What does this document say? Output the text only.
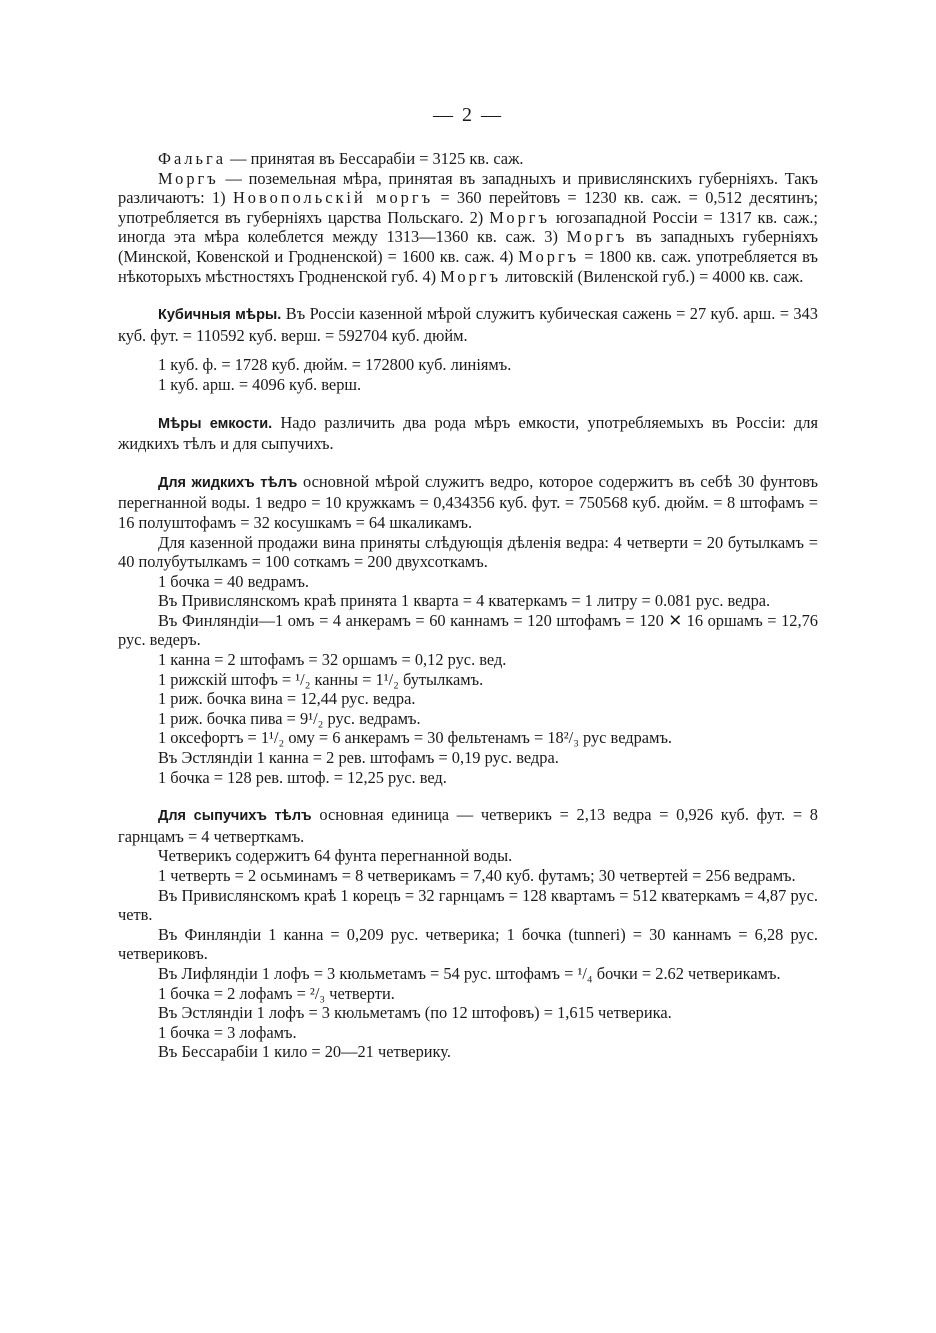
— 2 —

Фальга — принятая въ Бессарабіи = 3125 кв. саж.

Моргъ — поземельная мѣра, принятая въ западныхъ и привислянскихъ губерніяхъ. Такъ различаютъ: 1) Новопольскій моргъ = 360 перейтовъ = 1230 кв. саж. = 0,512 десятинъ; употребляется въ губерніяхъ царства Польскаго. 2) Моргъ югозападной Россіи = 1317 кв. саж.; иногда эта мѣра колеблется между 1313—1360 кв. саж. 3) Моргъ въ западныхъ губерніяхъ (Минской, Ковенской и Гродненской) = 1600 кв. саж. 4) Моргъ = 1800 кв. саж. употребляется въ нѣкоторыхъ мѣстностяхъ Гродненской губ. 4) Моргъ литовскій (Виленской губ.) = 4000 кв. саж.

Кубичныя мѣры. Въ Россіи казенной мѣрой служитъ кубическая сажень = 27 куб. арш. = 343 куб. фут. = 110592 куб. верш. = 592704 куб. дюйм.

1 куб. ф. = 1728 куб. дюйм. = 172800 куб. линіямъ.

1 куб. арш. = 4096 куб. верш.

Мѣры емкости. Надо различить два рода мѣръ емкости, употребляемыхъ въ Россіи: для жидкихъ тѣлъ и для сыпучихъ.

Для жидкихъ тѣлъ основной мѣрой служитъ ведро, которое содержитъ въ себѣ 30 фунтовъ перегнанной воды. 1 ведро = 10 кружкамъ = 0,434356 куб. фут. = 750568 куб. дюйм. = 8 штофамъ = 16 полуштофамъ = 32 косушкамъ = 64 шкаликамъ.

Для казенной продажи вина приняты слѣдующія дѣленія ведра: 4 четверти = 20 бутылкамъ = 40 полубутылкамъ = 100 соткамъ = 200 двухсоткамъ.

1 бочка = 40 ведрамъ.

Въ Привислянскомъ краѣ принята 1 кварта = 4 кватеркамъ = 1 литру = 0.081 рус. ведра.

Въ Финляндіи—1 омъ = 4 анкерамъ = 60 каннамъ = 120 штофамъ = 120 ✕ 16 оршамъ = 12,76 рус. ведеръ.

1 канна = 2 штофамъ = 32 оршамъ = 0,12 рус. вед.

1 рижскій штофъ = ¹/₂ канны = 1¹/₂ бутылкамъ.

1 риж. бочка вина = 12,44 рус. ведра.

1 риж. бочка пива = 9¹/₂ рус. ведрамъ.

1 оксефортъ = 1¹/₂ ому = 6 анкерамъ = 30 фельтенамъ = 18²/₃ рус ведрамъ.

Въ Эстляндіи 1 канна = 2 рев. штофамъ = 0,19 рус. ведра.

1 бочка = 128 рев. штоф. = 12,25 рус. вед.

Для сыпучихъ тѣлъ основная единица — четверикъ = 2,13 ведра = 0,926 куб. фут. = 8 гарнцамъ = 4 четверткамъ.

Четверикъ содержитъ 64 фунта перегнанной воды.

1 четверть = 2 осьминамъ = 8 четверикамъ = 7,40 куб. футамъ; 30 четвертей = 256 ведрамъ.

Въ Привислянскомъ краѣ 1 корецъ = 32 гарнцамъ = 128 квартамъ = 512 кватеркамъ = 4,87 рус. четв.

Въ Финляндіи 1 канна = 0,209 рус. четверика; 1 бочка (tunneri) = 30 каннамъ = 6,28 рус. четвериковъ.

Въ Лифляндіи 1 лофъ = 3 кюльметамъ = 54 рус. штофамъ = ¹/₄ бочки = 2.62 четверикамъ.

1 бочка = 2 лофамъ = ²/₃ четверти.

Въ Эстляндіи 1 лофъ = 3 кюльметамъ (по 12 штофовъ) = 1,615 четверика.

1 бочка = 3 лофамъ.

Въ Бессарабіи 1 кило = 20—21 четверику.
